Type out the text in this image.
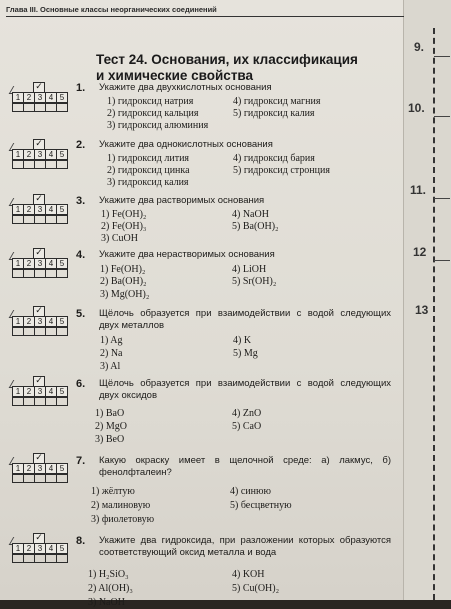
9.
10.
11.
12
13
Глава III. Основные классы неорганических соединений
Тест 24. Основания, их классификация
и химические свойства
✓
1 2 3 4 5
1. Укажите два двухкислотных основания
1) гидроксид натрия
2) гидроксид кальция
3) гидроксид алюминия
4) гидроксид магния
5) гидроксид калия
✓
1 2 3 4 5
2. Укажите два однокислотных основания
1) гидроксид лития
2) гидроксид цинка
3) гидроксид калия
4) гидроксид бария
5) гидроксид стронция
✓
1 2 3 4 5
3. Укажите два растворимых основания
1) Fe(OH)₂
2) Fe(OH)₃
3) CuOH
4) NaOH
5) Ba(OH)₂
✓
1 2 3 4 5
4. Укажите два нерастворимых основания
1) Fe(OH)₂
2) Ba(OH)₂
3) Mg(OH)₂
4) LiOH
5) Sr(OH)₂
✓
1 2 3 4 5
5. Щёлочь образуется при взаимодействии с водой следующих двух металлов
1) Ag
2) Na
3) Al
4) K
5) Mg
✓
1 2 3 4 5
6. Щёлочь образуется при взаимодействии с водой следующих двух оксидов
1) BaO
2) MgO
3) BeO
4) ZnO
5) CaO
✓
1 2 3 4 5
7. Какую окраску имеет в щелочной среде: а) лакмус, б) фенолфталеин?
1) жёлтую
2) малиновую
3) фиолетовую
4) синюю
5) бесцветную
✓
1 2 3 4 5
8. Укажите два гидроксида, при разложении которых образуются соответствующий оксид металла и вода
1) H₂SiO₃
2) Al(OH)₃
3) NaOH
4) KOH
5) Cu(OH)₂
